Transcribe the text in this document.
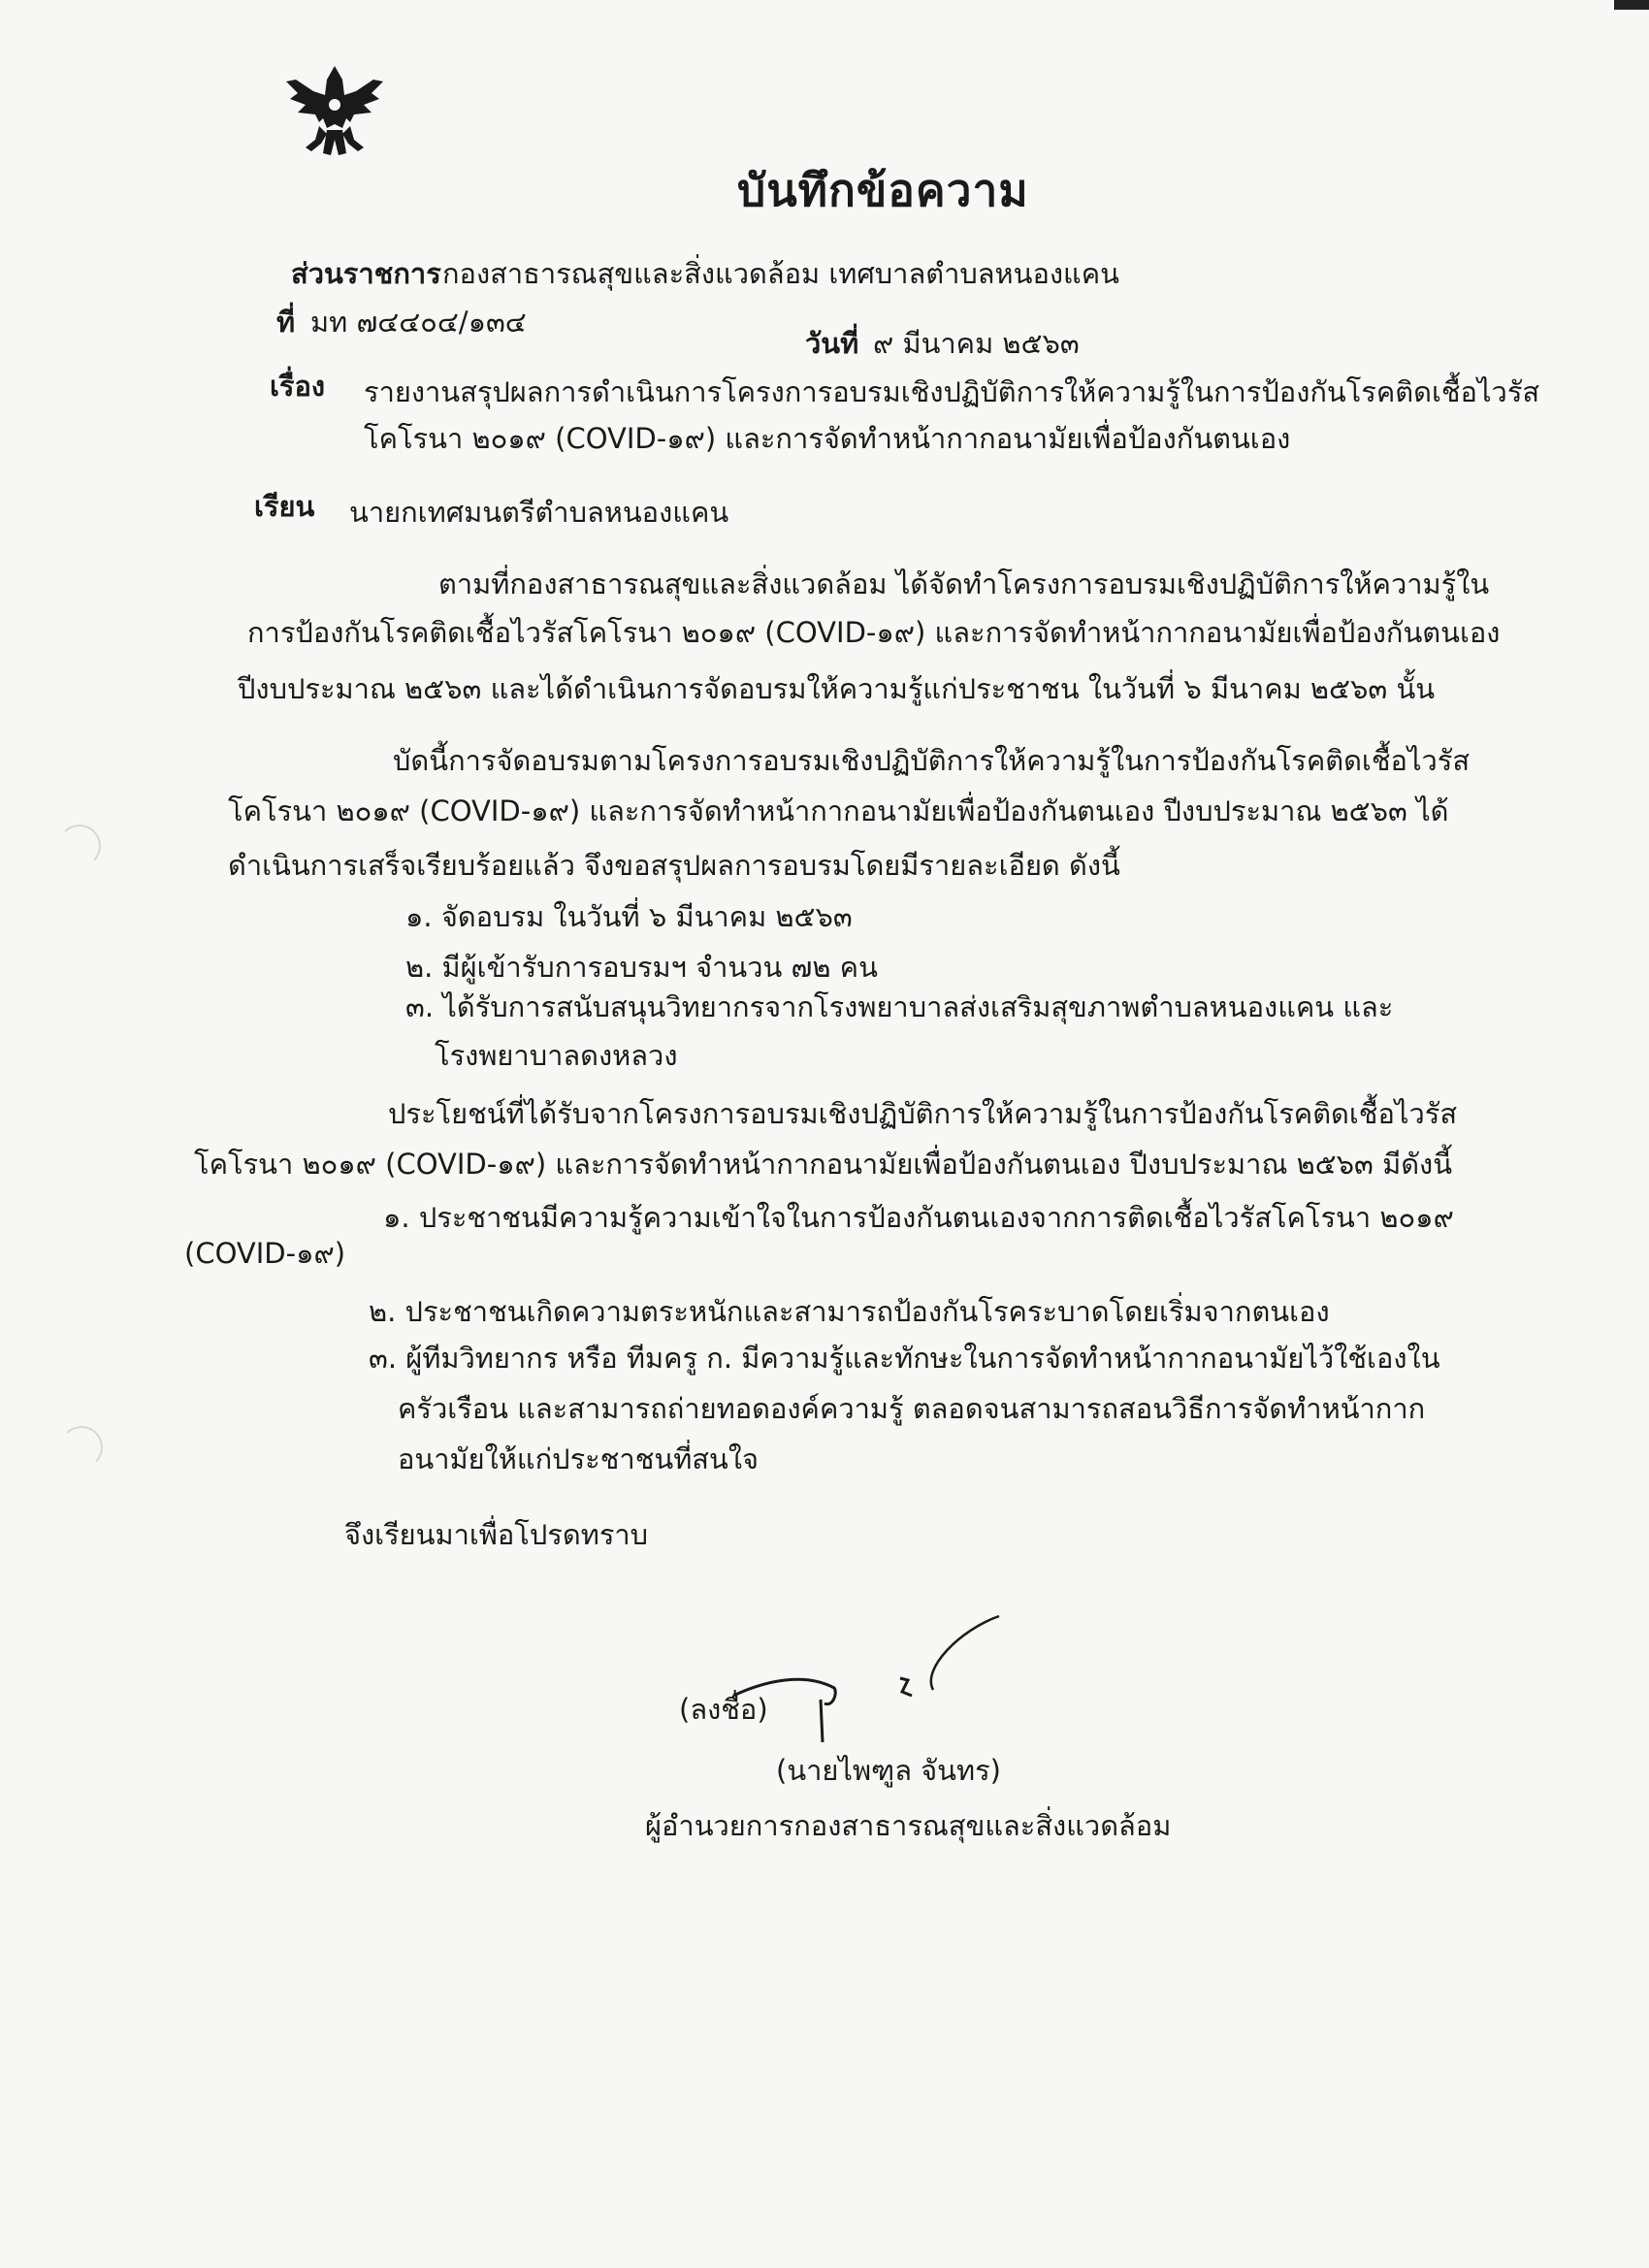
บันทึกข้อความ
ส่วนราชการ กองสาธารณสุขและสิ่งแวดล้อม เทศบาลตำบลหนองแคน
ที่ มท ๗๔๔๐๔/๑๓๔
วันที่ ๙ มีนาคม ๒๕๖๓
เรื่อง รายงานสรุปผลการดำเนินการโครงการอบรมเชิงปฏิบัติการให้ความรู้ในการป้องกันโรคติดเชื้อไวรัส
โคโรนา ๒๐๑๙ (COVID-๑๙) และการจัดทำหน้ากากอนามัยเพื่อป้องกันตนเอง
เรียน นายกเทศมนตรีตำบลหนองแคน
ตามที่กองสาธารณสุขและสิ่งแวดล้อม ได้จัดทำโครงการอบรมเชิงปฏิบัติการให้ความรู้ใน
การป้องกันโรคติดเชื้อไวรัสโคโรนา ๒๐๑๙ (COVID-๑๙) และการจัดทำหน้ากากอนามัยเพื่อป้องกันตนเอง
ปีงบประมาณ ๒๕๖๓ และได้ดำเนินการจัดอบรมให้ความรู้แก่ประชาชน ในวันที่ ๖ มีนาคม ๒๕๖๓ นั้น
บัดนี้การจัดอบรมตามโครงการอบรมเชิงปฏิบัติการให้ความรู้ในการป้องกันโรคติดเชื้อไวรัส
โคโรนา ๒๐๑๙ (COVID-๑๙) และการจัดทำหน้ากากอนามัยเพื่อป้องกันตนเอง ปีงบประมาณ ๒๕๖๓ ได้
ดำเนินการเสร็จเรียบร้อยแล้ว จึงขอสรุปผลการอบรมโดยมีรายละเอียด ดังนี้
๑. จัดอบรม ในวันที่ ๖ มีนาคม ๒๕๖๓
๒. มีผู้เข้ารับการอบรมฯ จำนวน ๗๒ คน
๓. ได้รับการสนับสนุนวิทยากรจากโรงพยาบาลส่งเสริมสุขภาพตำบลหนองแคน และ
โรงพยาบาลดงหลวง
ประโยชน์ที่ได้รับจากโครงการอบรมเชิงปฏิบัติการให้ความรู้ในการป้องกันโรคติดเชื้อไวรัส
โคโรนา ๒๐๑๙ (COVID-๑๙) และการจัดทำหน้ากากอนามัยเพื่อป้องกันตนเอง ปีงบประมาณ ๒๕๖๓ มีดังนี้
๑. ประชาชนมีความรู้ความเข้าใจในการป้องกันตนเองจากการติดเชื้อไวรัสโคโรนา ๒๐๑๙
(COVID-๑๙)
๒. ประชาชนเกิดความตระหนักและสามารถป้องกันโรคระบาดโดยเริ่มจากตนเอง
๓. ผู้ทีมวิทยากร หรือ ทีมครู ก. มีความรู้และทักษะในการจัดทำหน้ากากอนามัยไว้ใช้เองใน
ครัวเรือน และสามารถถ่ายทอดองค์ความรู้ ตลอดจนสามารถสอนวิธีการจัดทำหน้ากาก
อนามัยให้แก่ประชาชนที่สนใจ
จึงเรียนมาเพื่อโปรดทราบ
(ลงชื่อ)
(นายไพฑูล จันทร)
ผู้อำนวยการกองสาธารณสุขและสิ่งแวดล้อม
